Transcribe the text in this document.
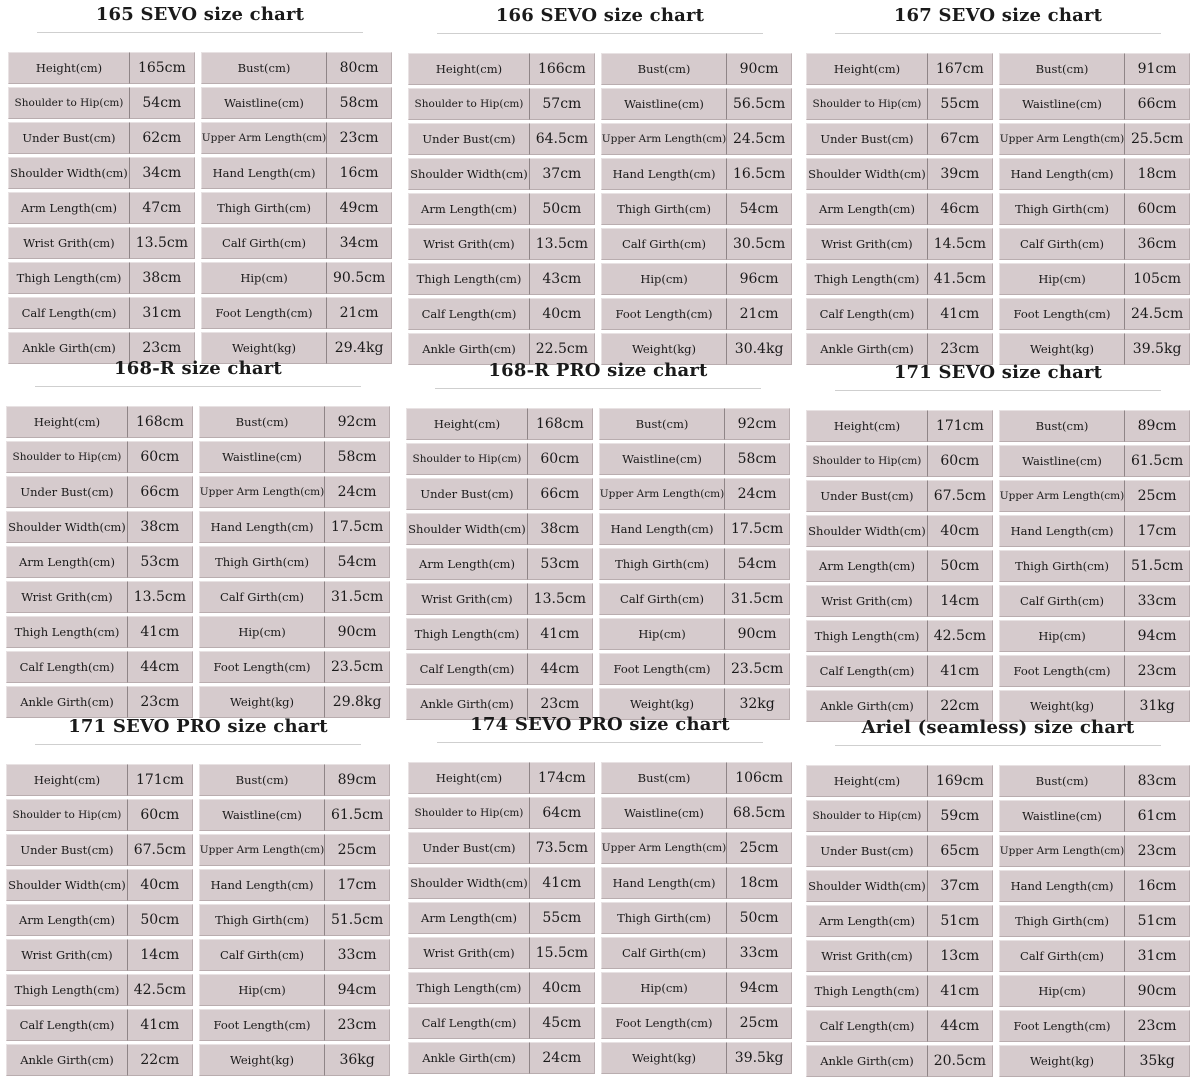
165 SEVO size chart
Height(cm)	165cm
Shoulder to Hip(cm)	54cm
Under Bust(cm)	62cm
Shoulder Width(cm)	34cm
Arm Length(cm)	47cm
Wrist Grith(cm)	13.5cm
Thigh Length(cm)	38cm
Calf Length(cm)	31cm
Ankle Girth(cm)	23cm
Bust(cm)	80cm
Waistline(cm)	58cm
Upper Arm Length(cm)	23cm
Hand Length(cm)	16cm
Thigh Girth(cm)	49cm
Calf Girth(cm)	34cm
Hip(cm)	90.5cm
Foot Length(cm)	21cm
Weight(kg)	29.4kg
166 SEVO size chart
Height(cm)	166cm
Shoulder to Hip(cm)	57cm
Under Bust(cm)	64.5cm
Shoulder Width(cm)	37cm
Arm Length(cm)	50cm
Wrist Grith(cm)	13.5cm
Thigh Length(cm)	43cm
Calf Length(cm)	40cm
Ankle Girth(cm)	22.5cm
Bust(cm)	90cm
Waistline(cm)	56.5cm
Upper Arm Length(cm)	24.5cm
Hand Length(cm)	16.5cm
Thigh Girth(cm)	54cm
Calf Girth(cm)	30.5cm
Hip(cm)	96cm
Foot Length(cm)	21cm
Weight(kg)	30.4kg
167 SEVO size chart
Height(cm)	167cm
Shoulder to Hip(cm)	55cm
Under Bust(cm)	67cm
Shoulder Width(cm)	39cm
Arm Length(cm)	46cm
Wrist Grith(cm)	14.5cm
Thigh Length(cm)	41.5cm
Calf Length(cm)	41cm
Ankle Girth(cm)	23cm
Bust(cm)	91cm
Waistline(cm)	66cm
Upper Arm Length(cm)	25.5cm
Hand Length(cm)	18cm
Thigh Girth(cm)	60cm
Calf Girth(cm)	36cm
Hip(cm)	105cm
Foot Length(cm)	24.5cm
Weight(kg)	39.5kg
168-R size chart
Height(cm)	168cm
Shoulder to Hip(cm)	60cm
Under Bust(cm)	66cm
Shoulder Width(cm)	38cm
Arm Length(cm)	53cm
Wrist Grith(cm)	13.5cm
Thigh Length(cm)	41cm
Calf Length(cm)	44cm
Ankle Girth(cm)	23cm
Bust(cm)	92cm
Waistline(cm)	58cm
Upper Arm Length(cm)	24cm
Hand Length(cm)	17.5cm
Thigh Girth(cm)	54cm
Calf Girth(cm)	31.5cm
Hip(cm)	90cm
Foot Length(cm)	23.5cm
Weight(kg)	29.8kg
168-R PRO size chart
Height(cm)	168cm
Shoulder to Hip(cm)	60cm
Under Bust(cm)	66cm
Shoulder Width(cm)	38cm
Arm Length(cm)	53cm
Wrist Grith(cm)	13.5cm
Thigh Length(cm)	41cm
Calf Length(cm)	44cm
Ankle Girth(cm)	23cm
Bust(cm)	92cm
Waistline(cm)	58cm
Upper Arm Length(cm)	24cm
Hand Length(cm)	17.5cm
Thigh Girth(cm)	54cm
Calf Girth(cm)	31.5cm
Hip(cm)	90cm
Foot Length(cm)	23.5cm
Weight(kg)	32kg
171 SEVO size chart
Height(cm)	171cm
Shoulder to Hip(cm)	60cm
Under Bust(cm)	67.5cm
Shoulder Width(cm)	40cm
Arm Length(cm)	50cm
Wrist Grith(cm)	14cm
Thigh Length(cm)	42.5cm
Calf Length(cm)	41cm
Ankle Girth(cm)	22cm
Bust(cm)	89cm
Waistline(cm)	61.5cm
Upper Arm Length(cm)	25cm
Hand Length(cm)	17cm
Thigh Girth(cm)	51.5cm
Calf Girth(cm)	33cm
Hip(cm)	94cm
Foot Length(cm)	23cm
Weight(kg)	31kg
171 SEVO PRO size chart
Height(cm)	171cm
Shoulder to Hip(cm)	60cm
Under Bust(cm)	67.5cm
Shoulder Width(cm)	40cm
Arm Length(cm)	50cm
Wrist Grith(cm)	14cm
Thigh Length(cm)	42.5cm
Calf Length(cm)	41cm
Ankle Girth(cm)	22cm
Bust(cm)	89cm
Waistline(cm)	61.5cm
Upper Arm Length(cm)	25cm
Hand Length(cm)	17cm
Thigh Girth(cm)	51.5cm
Calf Girth(cm)	33cm
Hip(cm)	94cm
Foot Length(cm)	23cm
Weight(kg)	36kg
174 SEVO PRO size chart
Height(cm)	174cm
Shoulder to Hip(cm)	64cm
Under Bust(cm)	73.5cm
Shoulder Width(cm)	41cm
Arm Length(cm)	55cm
Wrist Grith(cm)	15.5cm
Thigh Length(cm)	40cm
Calf Length(cm)	45cm
Ankle Girth(cm)	24cm
Bust(cm)	106cm
Waistline(cm)	68.5cm
Upper Arm Length(cm)	25cm
Hand Length(cm)	18cm
Thigh Girth(cm)	50cm
Calf Girth(cm)	33cm
Hip(cm)	94cm
Foot Length(cm)	25cm
Weight(kg)	39.5kg
Ariel (seamless) size chart
Height(cm)	169cm
Shoulder to Hip(cm)	59cm
Under Bust(cm)	65cm
Shoulder Width(cm)	37cm
Arm Length(cm)	51cm
Wrist Grith(cm)	13cm
Thigh Length(cm)	41cm
Calf Length(cm)	44cm
Ankle Girth(cm)	20.5cm
Bust(cm)	83cm
Waistline(cm)	61cm
Upper Arm Length(cm)	23cm
Hand Length(cm)	16cm
Thigh Girth(cm)	51cm
Calf Girth(cm)	31cm
Hip(cm)	90cm
Foot Length(cm)	23cm
Weight(kg)	35kg
